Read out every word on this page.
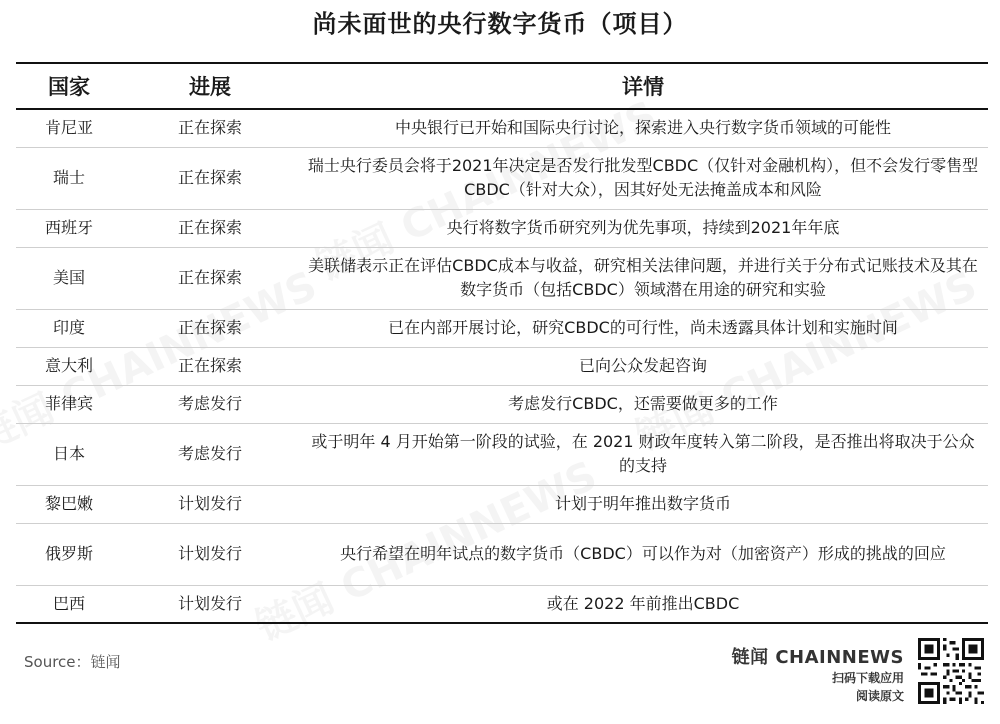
尚未面世的央行数字货币（项目）
国家	进展	详情
肯尼亚	正在探索	中央银行已开始和国际央行讨论，探索进入央行数字货币领域的可能性
瑞士	正在探索	瑞士央行委员会将于2021年决定是否发行批发型CBDC（仅针对金融机构），但不会发行零售型CBDC（针对大众），因其好处无法掩盖成本和风险
西班牙	正在探索	央行将数字货币研究列为优先事项，持续到2021年年底
美国	正在探索	美联储表示正在评估CBDC成本与收益，研究相关法律问题，并进行关于分布式记账技术及其在数字货币（包括CBDC）领域潜在用途的研究和实验
印度	正在探索	已在内部开展讨论，研究CBDC的可行性，尚未透露具体计划和实施时间
意大利	正在探索	已向公众发起咨询
菲律宾	考虑发行	考虑发行CBDC，还需要做更多的工作
日本	考虑发行	或于明年 4 月开始第一阶段的试验，在 2021 财政年度转入第二阶段，是否推出将取决于公众的支持
黎巴嫩	计划发行	计划于明年推出数字货币
俄罗斯	计划发行	央行希望在明年试点的数字货币（CBDC）可以作为对（加密资产）形成的挑战的回应
巴西	计划发行	或在 2022 年前推出CBDC
Source：链闻	链闻 CHAINNEWS
扫码下载应用
阅读原文
